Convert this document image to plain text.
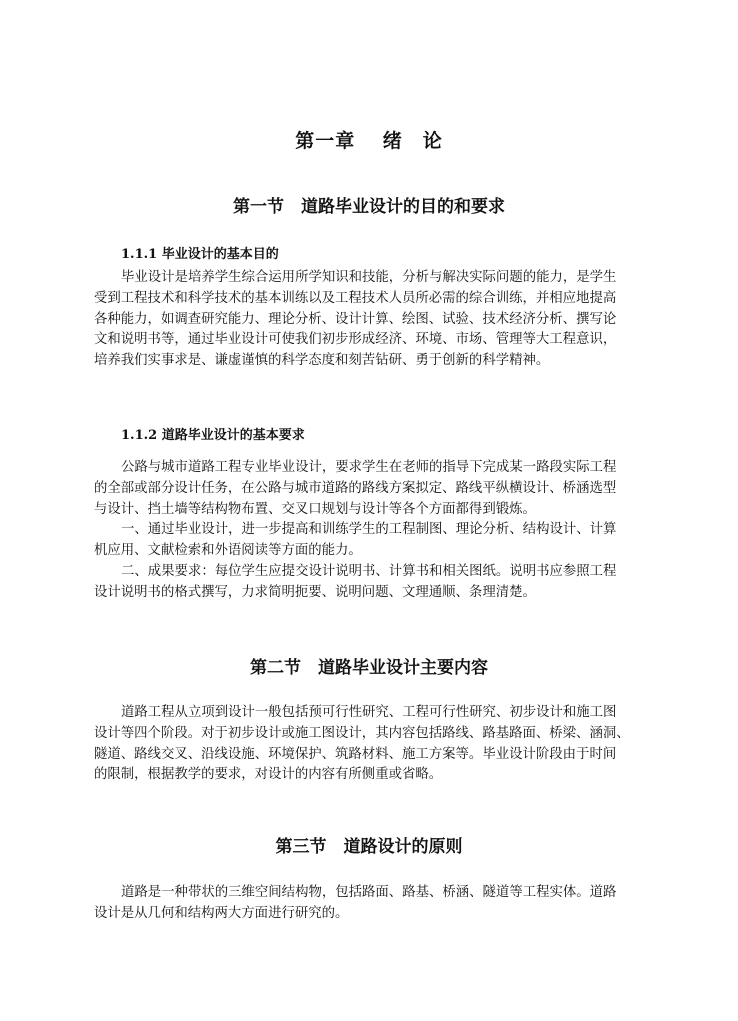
第一章　 绪　论
第一节　道路毕业设计的目的和要求
1.1.1 毕业设计的基本目的
毕业设计是培养学生综合运用所学知识和技能，分析与解决实际问题的能力，是学生
受到工程技术和科学技术的基本训练以及工程技术人员所必需的综合训练，并相应地提高
各种能力，如调查研究能力、理论分析、设计计算、绘图、试验、技术经济分析、撰写论
文和说明书等，通过毕业设计可使我们初步形成经济、环境、市场、管理等大工程意识，
培养我们实事求是、谦虚谨慎的科学态度和刻苦钻研、勇于创新的科学精神。
1.1.2 道路毕业设计的基本要求
公路与城市道路工程专业毕业设计，要求学生在老师的指导下完成某一路段实际工程
的全部或部分设计任务，在公路与城市道路的路线方案拟定、路线平纵横设计、桥涵选型
与设计、挡土墙等结构物布置、交叉口规划与设计等各个方面都得到锻炼。
一、通过毕业设计，进一步提高和训练学生的工程制图、理论分析、结构设计、计算
机应用、文献检索和外语阅读等方面的能力。
二、成果要求：每位学生应提交设计说明书、计算书和相关图纸。说明书应参照工程
设计说明书的格式撰写，力求简明扼要、说明问题、文理通顺、条理清楚。
第二节　道路毕业设计主要内容
道路工程从立项到设计一般包括预可行性研究、工程可行性研究、初步设计和施工图
设计等四个阶段。对于初步设计或施工图设计，其内容包括路线、路基路面、桥梁、涵洞、
隧道、路线交叉、沿线设施、环境保护、筑路材料、施工方案等。毕业设计阶段由于时间
的限制，根据教学的要求，对设计的内容有所侧重或省略。
第三节　道路设计的原则
道路是一种带状的三维空间结构物，包括路面、路基、桥涵、隧道等工程实体。道路
设计是从几何和结构两大方面进行研究的。
